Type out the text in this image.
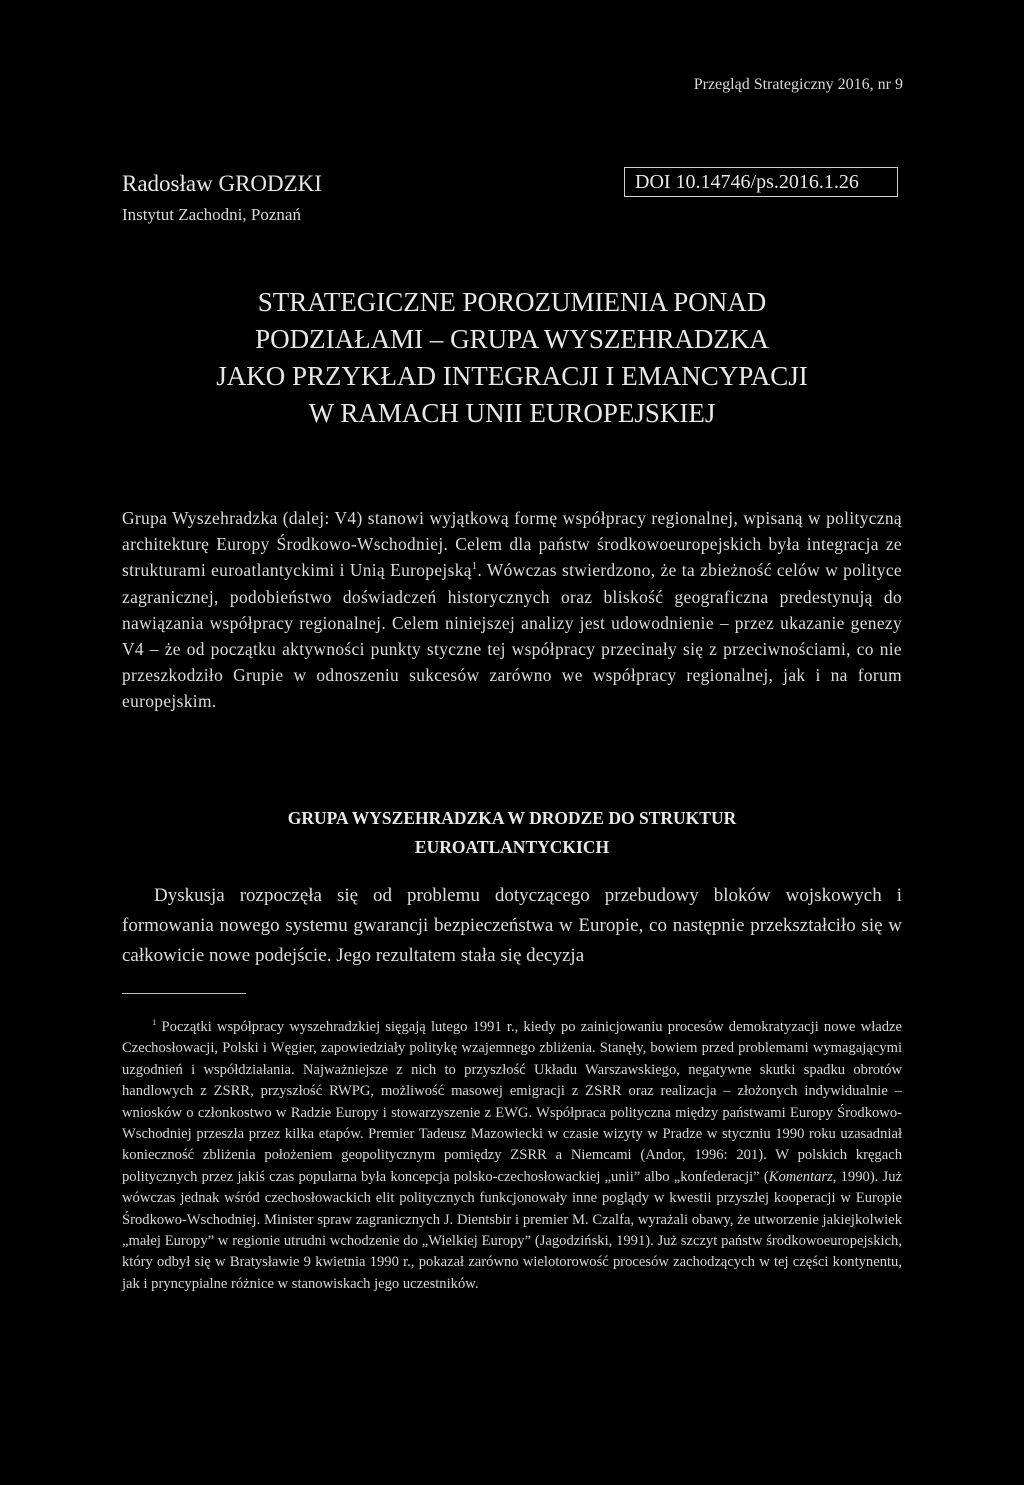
Przegląd Strategiczny 2016, nr 9
Radosław GRODZKI
Instytut Zachodni, Poznań
DOI 10.14746/ps.2016.1.26
STRATEGICZNE POROZUMIENIA PONAD
PODZIAŁAMI – GRUPA WYSZEHRADZKA
JAKO PRZYKŁAD INTEGRACJI I EMANCYPACJI
W RAMACH UNII EUROPEJSKIEJ

Grupa Wyszehradzka (dalej: V4) stanowi wyjątkową formę współpracy regionalnej, wpisaną w polityczną architekturę Europy Środkowo-Wschodniej. Celem dla państw środkowoeuropejskich była integracja ze strukturami euroatlantyckimi i Unią Europejską$^1$. Wówczas stwierdzono, że ta zbieżność celów w polityce zagranicznej, podobieństwo doświadczeń historycznych oraz bliskość geograficzna predestynują do nawiązania współpracy regionalnej. Celem niniejszej analizy jest udowodnienie – przez ukazanie genezy V4 – że od początku aktywności punkty styczne tej współpracy przecinały się z przeciwnościami, co nie przeszkodziło Grupie w odnoszeniu sukcesów zarówno we współpracy regionalnej, jak i na forum europejskim.

GRUPA WYSZEHRADZKA W DRODZE DO STRUKTUR
EUROATLANTYCKICH

Dyskusja rozpoczęła się od problemu dotyczącego przebudowy bloków wojskowych i formowania nowego systemu gwarancji bezpieczeństwa w Europie, co następnie przekształciło się w całkowicie nowe podejście. Jego rezultatem stała się decyzja

$^1$ Początki współpracy wyszehradzkiej sięgają lutego 1991 r., kiedy po zainicjowaniu procesów demokratyzacji nowe władze Czechosłowacji, Polski i Węgier, zapowiedziały politykę wzajemnego zbliżenia. Stanęły, bowiem przed problemami wymagającymi uzgodnień i współdziałania. Najważniejsze z nich to przyszłość Układu Warszawskiego, negatywne skutki spadku obrotów handlowych z ZSRR, przyszłość RWPG, możliwość masowej emigracji z ZSRR oraz realizacja – złożonych indywidualnie – wniosków o członkostwo w Radzie Europy i stowarzyszenie z EWG. Współpraca polityczna między państwami Europy Środkowo-Wschodniej przeszła przez kilka etapów. Premier Tadeusz Mazowiecki w czasie wizyty w Pradze w styczniu 1990 roku uzasadniał konieczność zbliżenia położeniem geopolitycznym pomiędzy ZSRR a Niemcami (Andor, 1996: 201). W polskich kręgach politycznych przez jakiś czas popularna była koncepcja polsko-czechosłowackiej „unii” albo „konfederacji” (Komentarz, 1990). Już wówczas jednak wśród czechosłowackich elit politycznych funkcjonowały inne poglądy w kwestii przyszłej kooperacji w Europie Środkowo-Wschodniej. Minister spraw zagranicznych J. Dientsbir i premier M. Czalfa, wyrażali obawy, że utworzenie jakiejkolwiek „małej Europy” w regionie utrudni wchodzenie do „Wielkiej Europy” (Jagodziński, 1991). Już szczyt państw środkowoeuropejskich, który odbył się w Bratysławie 9 kwietnia 1990 r., pokazał zarówno wielotorowość procesów zachodzących w tej części kontynentu, jak i pryncypialne różnice w stanowiskach jego uczestników.
